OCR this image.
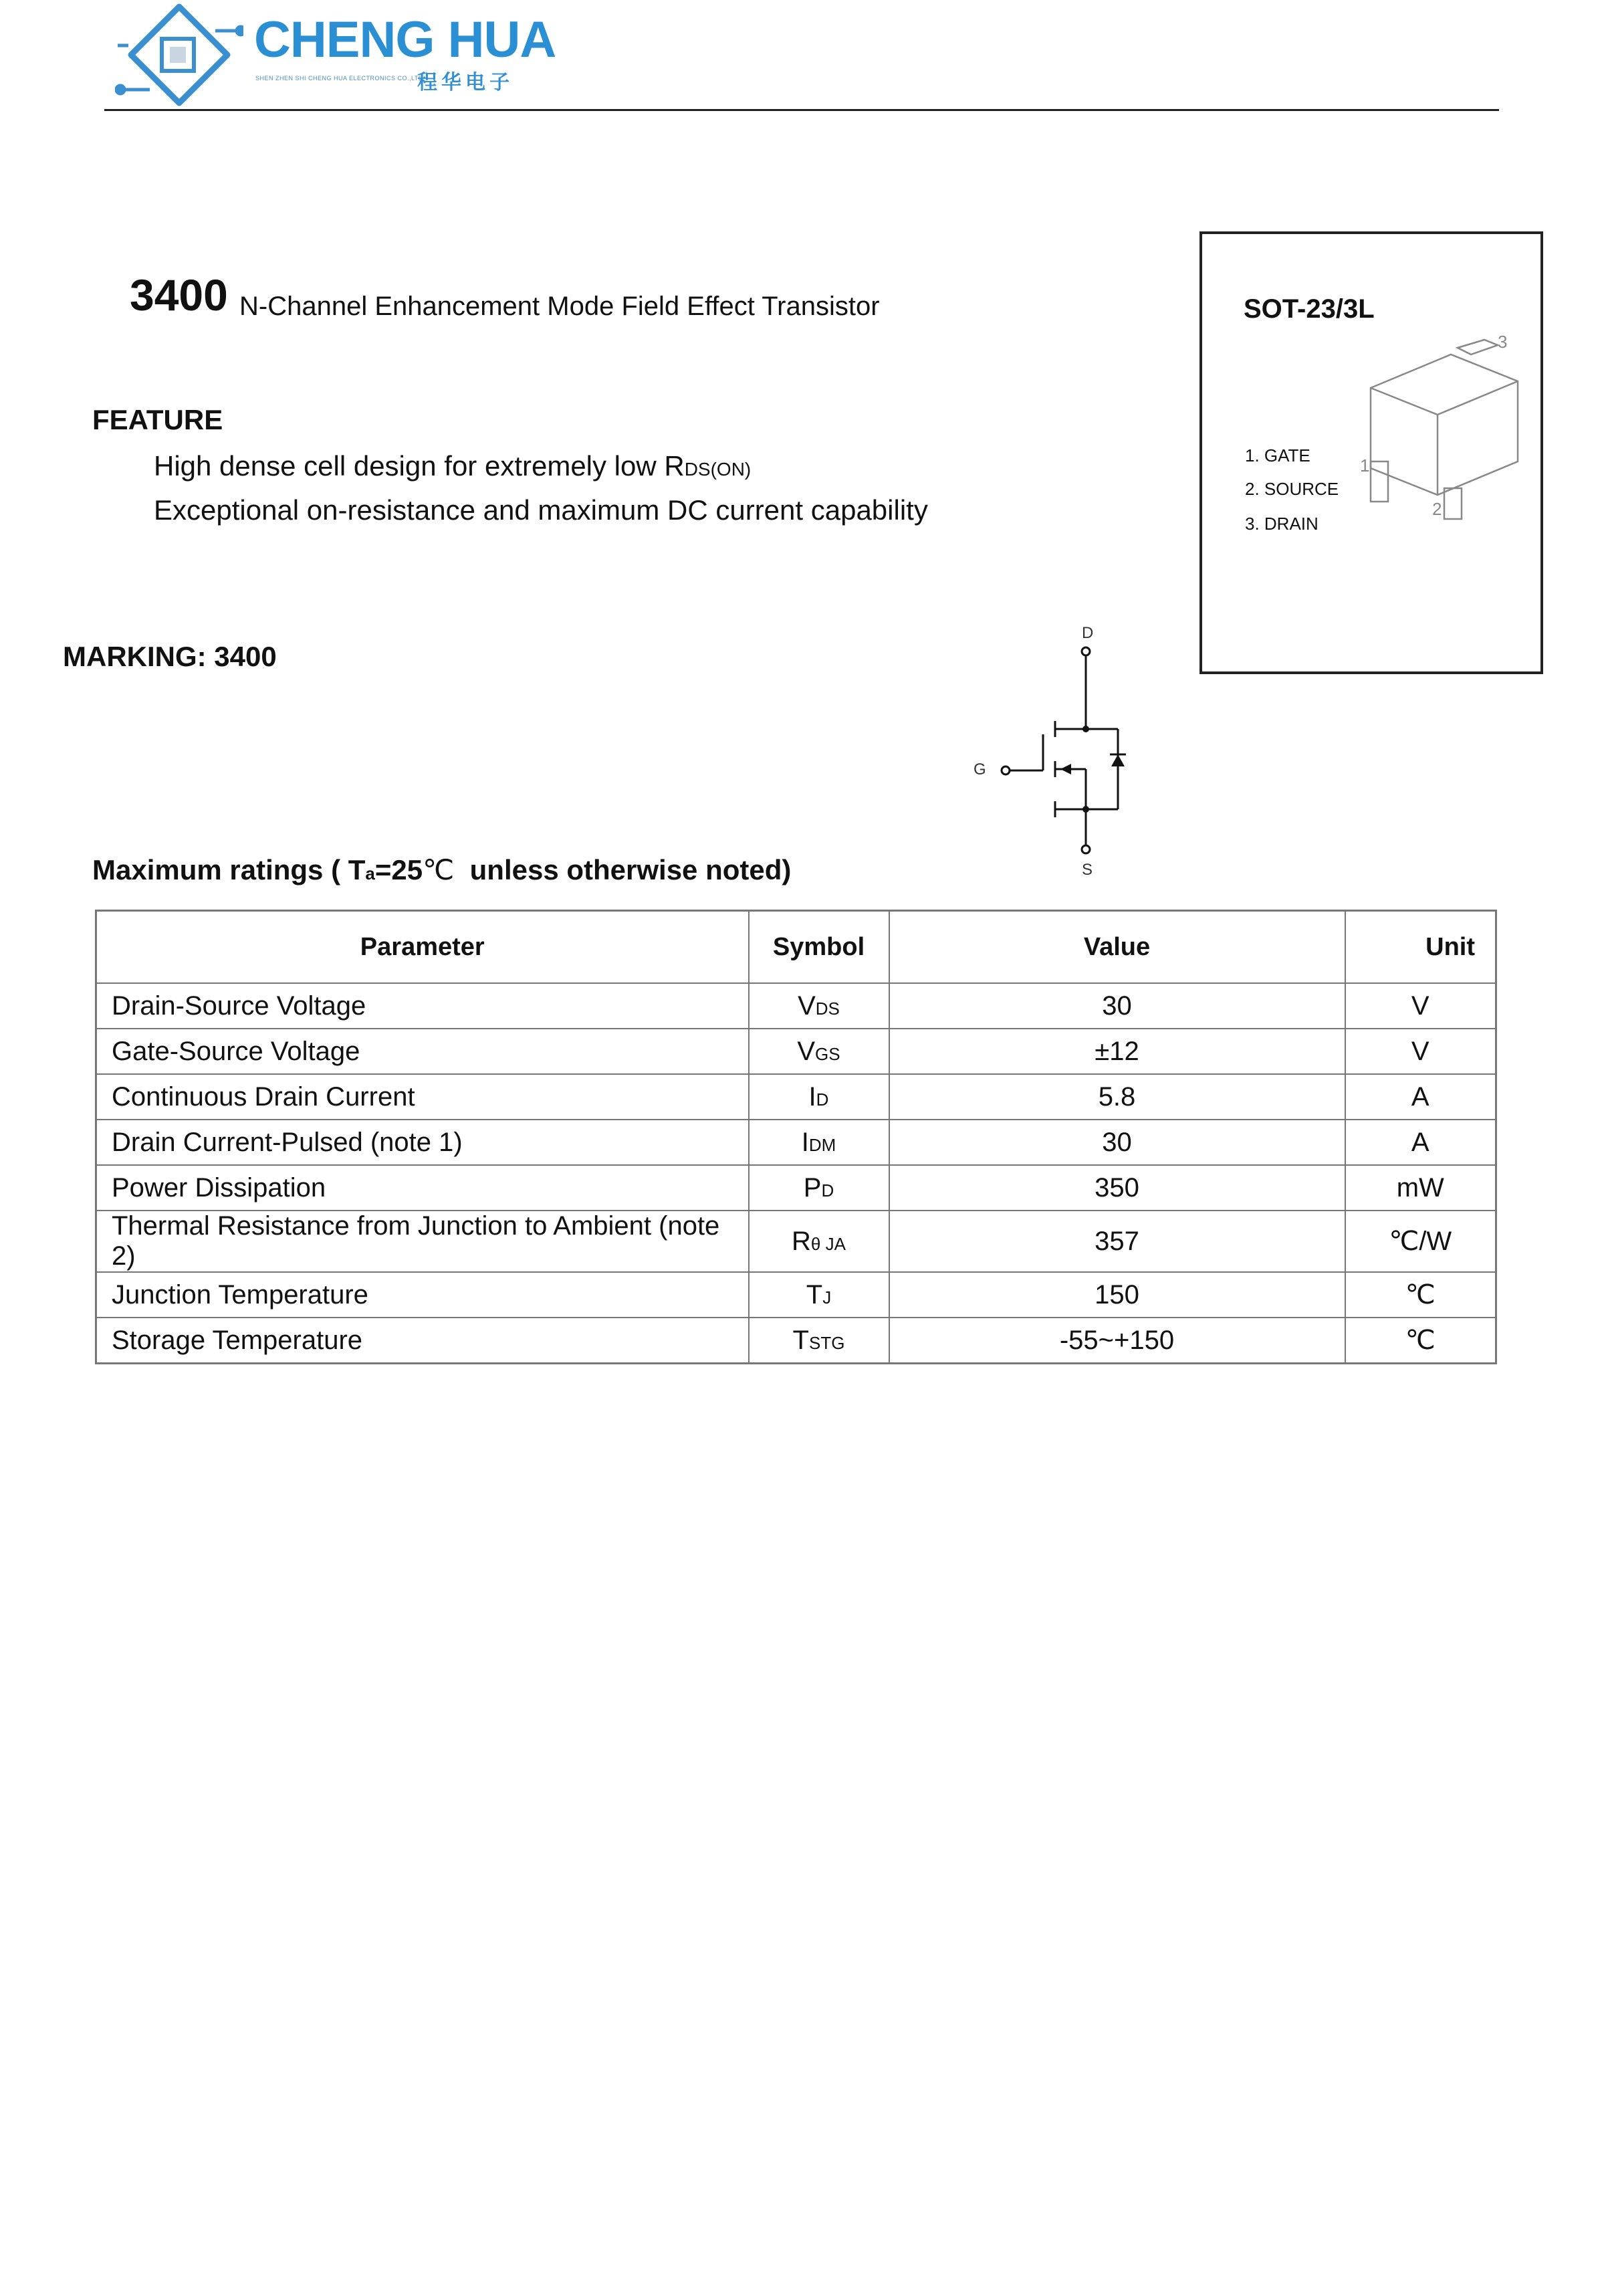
CHENG HUA
SHEN ZHEN SHI CHENG HUA ELECTRONICS CO.,LTD
程华电子
3400 N-Channel Enhancement Mode Field Effect Transistor
FEATURE
High dense cell design for extremely low RDS(ON)
Exceptional on-resistance and maximum DC current capability
MARKING: 3400
SOT-23/3L
1. GATE
2. SOURCE
3. DRAIN
3
1
2
D
G
S
Maximum ratings ( Ta=25℃  unless otherwise noted)
Parameter	Symbol	Value	Unit
Drain-Source Voltage	VDS	30	V
Gate-Source Voltage	VGS	±12	V
Continuous Drain Current	ID	5.8	A
Drain Current-Pulsed (note 1)	IDM	30	A
Power Dissipation	PD	350	mW
Thermal Resistance from Junction to Ambient (note 2)	Rθ JA	357	℃/W
Junction Temperature	TJ	150	℃
Storage Temperature	TSTG	-55~+150	℃
